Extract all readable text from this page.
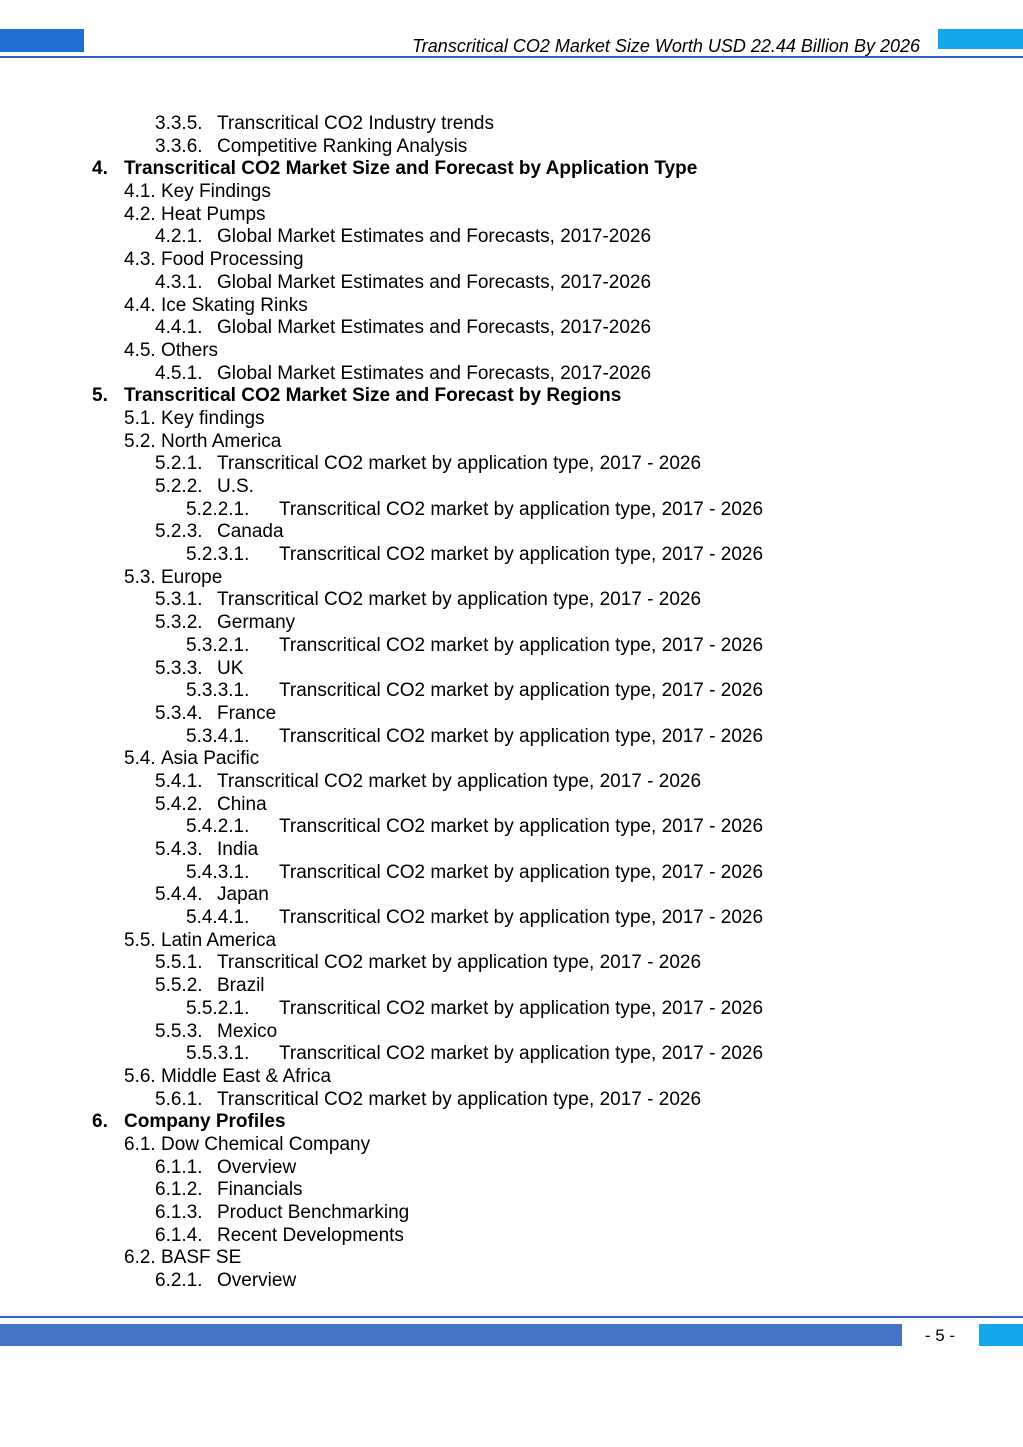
Transcritical CO2 Market Size Worth USD 22.44 Billion By 2026
3.3.5. Transcritical CO2 Industry trends
3.3.6. Competitive Ranking Analysis
4. Transcritical CO2 Market Size and Forecast by Application Type
4.1. Key Findings
4.2. Heat Pumps
4.2.1. Global Market Estimates and Forecasts, 2017-2026
4.3. Food Processing
4.3.1. Global Market Estimates and Forecasts, 2017-2026
4.4. Ice Skating Rinks
4.4.1. Global Market Estimates and Forecasts, 2017-2026
4.5. Others
4.5.1. Global Market Estimates and Forecasts, 2017-2026
5. Transcritical CO2 Market Size and Forecast by Regions
5.1. Key findings
5.2. North America
5.2.1. Transcritical CO2 market by application type, 2017 - 2026
5.2.2. U.S.
5.2.2.1. Transcritical CO2 market by application type, 2017 - 2026
5.2.3. Canada
5.2.3.1. Transcritical CO2 market by application type, 2017 - 2026
5.3. Europe
5.3.1. Transcritical CO2 market by application type, 2017 - 2026
5.3.2. Germany
5.3.2.1. Transcritical CO2 market by application type, 2017 - 2026
5.3.3. UK
5.3.3.1. Transcritical CO2 market by application type, 2017 - 2026
5.3.4. France
5.3.4.1. Transcritical CO2 market by application type, 2017 - 2026
5.4. Asia Pacific
5.4.1. Transcritical CO2 market by application type, 2017 - 2026
5.4.2. China
5.4.2.1. Transcritical CO2 market by application type, 2017 - 2026
5.4.3. India
5.4.3.1. Transcritical CO2 market by application type, 2017 - 2026
5.4.4. Japan
5.4.4.1. Transcritical CO2 market by application type, 2017 - 2026
5.5. Latin America
5.5.1. Transcritical CO2 market by application type, 2017 - 2026
5.5.2. Brazil
5.5.2.1. Transcritical CO2 market by application type, 2017 - 2026
5.5.3. Mexico
5.5.3.1. Transcritical CO2 market by application type, 2017 - 2026
5.6. Middle East & Africa
5.6.1. Transcritical CO2 market by application type, 2017 - 2026
6. Company Profiles
6.1. Dow Chemical Company
6.1.1. Overview
6.1.2. Financials
6.1.3. Product Benchmarking
6.1.4. Recent Developments
6.2. BASF SE
6.2.1. Overview
- 5 -
